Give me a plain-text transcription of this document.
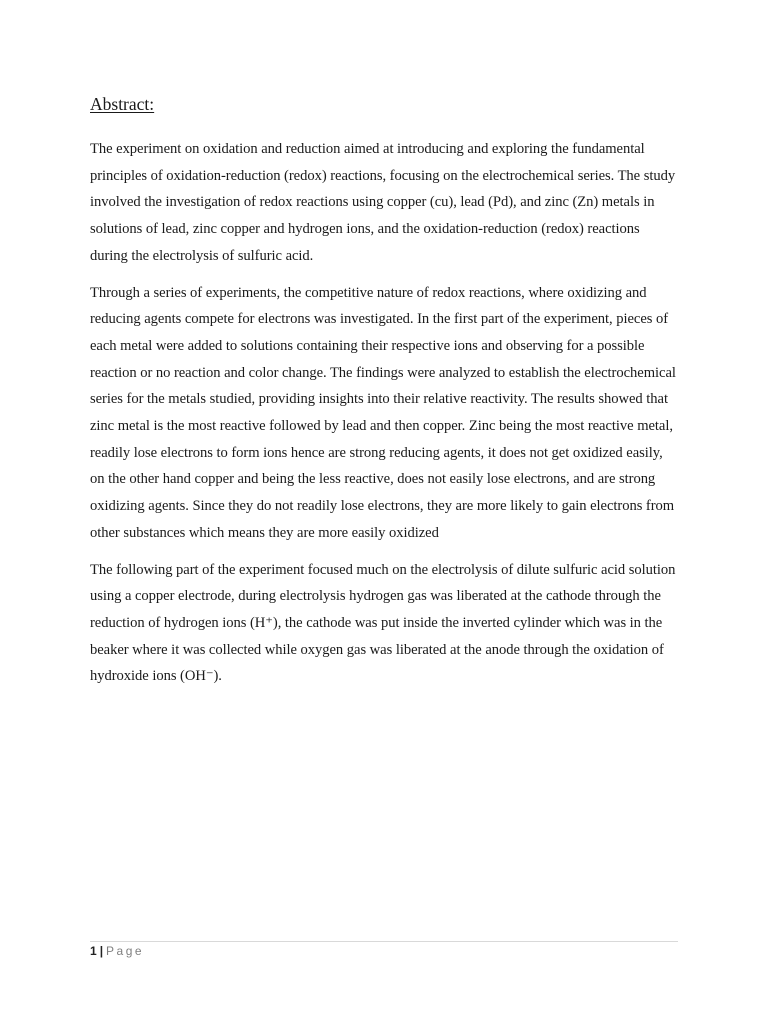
Abstract:

The experiment on oxidation and reduction aimed at introducing and exploring the fundamental principles of oxidation-reduction (redox) reactions, focusing on the electrochemical series. The study involved the investigation of redox reactions using copper (cu), lead (Pd), and zinc (Zn) metals in solutions of lead, zinc copper and hydrogen ions, and the oxidation-reduction (redox) reactions during the electrolysis of sulfuric acid.

Through a series of experiments, the competitive nature of redox reactions, where oxidizing and reducing agents compete for electrons was investigated. In the first part of the experiment, pieces of each metal were added to solutions containing their respective ions and observing for a possible reaction or no reaction and color change. The findings were analyzed to establish the electrochemical series for the metals studied, providing insights into their relative reactivity. The results showed that zinc metal is the most reactive followed by lead and then copper. Zinc being the most reactive metal, readily lose electrons to form ions hence are strong reducing agents, it does not get oxidized easily, on the other hand copper and being the less reactive, does not easily lose electrons, and are strong oxidizing agents. Since they do not readily lose electrons, they are more likely to gain electrons from other substances which means they are more easily oxidized

The following part of the experiment focused much on the electrolysis of dilute sulfuric acid solution using a copper electrode, during electrolysis hydrogen gas was liberated at the cathode through the reduction of hydrogen ions (H⁺), the cathode was put inside the inverted cylinder which was in the beaker where it was collected while oxygen gas was liberated at the anode through the oxidation of hydroxide ions (OH⁻).

1 | Page
